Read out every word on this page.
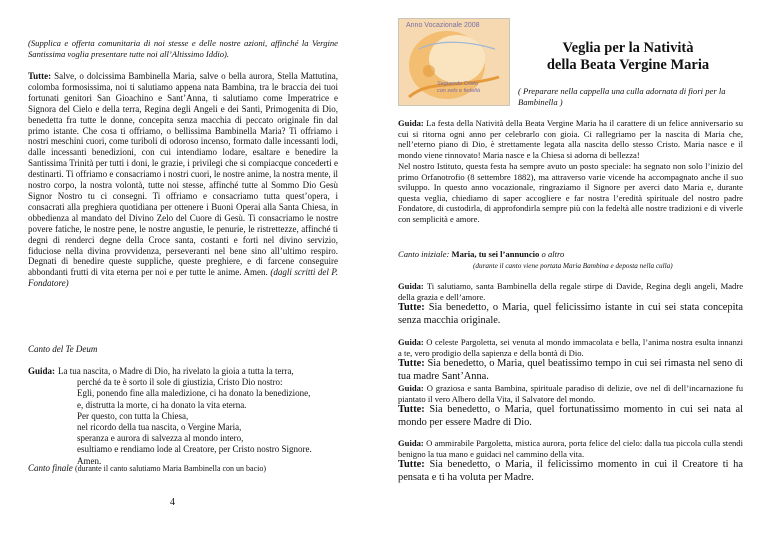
(Supplica e offerta comunitaria di noi stesse e delle nostre azioni, affinché la Vergine Santissima voglia presentare tutte noi all’Altissimo Iddio).

Tutte: Salve, o dolcissima Bambinella Maria, salve o bella aurora, Stella Mattutina, colomba formosissima, noi ti salutiamo appena nata Bambina, tra le braccia dei tuoi fortunati genitori San Gioachino e Sant’Anna, ti salutiamo come Imperatrice e Signora del Cielo e della terra, Regina degli Angeli e dei Santi, Primogenita di Dio, benedetta fra tutte le donne, concepita senza macchia di peccato originale fin dal primo istante. Che cosa ti offriamo, o bellissima Bambinella Maria? Ti offriamo i nostri meschini cuori, come turiboli di odoroso incenso, formato dalle incessanti lodi, dalle incessanti benedizioni, con cui intendiamo lodare, esaltare e benedire la Santissima Trinità per tutti i doni, le grazie, i privilegi che si compiacque concederti e destinarti. Ti offriamo e consacriamo i nostri cuori, le nostre anime, la nostra mente, il nostro corpo, la nostra volontà, tutte noi stesse, affinché tutte al Sommo Dio Gesù Signor Nostro tu ci consegni. Ti offriamo e consacriamo tutta quest’opera, i consacrati alla preghiera quotidiana per ottenere i Buoni Operai alla Santa Chiesa, in obbedienza al mandato del Divino Zelo del Cuore di Gesù. Ti consacriamo le nostre povere fatiche, le nostre pene, le nostre angustie, le penurie, le ristrettezze, affinché ti degni di renderci degne della Croce santa, costanti e forti nel divino servizio, fiduciose nella divina provvidenza, perseveranti nel bene sino all’ultimo respiro. Degnati di benedire queste suppliche, queste preghiere, e di farcene conseguire abbondanti frutti di vita eterna per noi e per tutte le anime. Amen. (dagli scritti del P. Fondatore)

Canto del Te Deum

Guida: La tua nascita, o Madre di Dio, ha rivelato la gioia a tutta la terra,
perché da te è sorto il sole di giustizia, Cristo Dio nostro:
Egli, ponendo fine alla maledizione, ci ha donato la benedizione,
e, distrutta la morte, ci ha donato la vita eterna.
Per questo, con tutta la Chiesa,
nel ricordo della tua nascita, o Vergine Maria,
speranza e aurora di salvezza al mondo intero,
esultiamo e rendiamo lode al Creatore, per Cristo nostro Signore.
Amen.

Canto finale (durante il canto salutiamo Maria Bambinella con un bacio)

4

Anno Vocazionale 2008
Seguendo Cristo
con zelo e fedeltà
Veglia per la Natività
della Beata Vergine Maria

( Preparare nella cappella una culla adornata di fiori per la Bambinella )

Guida: La festa della Natività della Beata Vergine Maria ha il carattere di un felice anniversario su cui si ritorna ogni anno per celebrarlo con gioia. Ci rallegriamo per la nascita di Maria che, nell’eterno piano di Dio, è strettamente legata alla nascita dello stesso Cristo. Maria nasce e il mondo viene rinnovato! Maria nasce e la Chiesa si adorna di bellezza!

Nel nostro Istituto, questa festa ha sempre avuto un posto speciale: ha segnato non solo l’inizio del primo Orfanotrofio (8 settembre 1882), ma attraverso varie vicende ha accompagnato anche il suo sviluppo. In questo anno vocazionale, ringraziamo il Signore per averci dato Maria e, durante questa veglia, chiediamo di saper accogliere e far nostra l’eredità spirituale del nostro padre Fondatore, di custodirla, di approfondirla sempre più con la fedeltà alle nostre tradizioni e di viverle con semplicità e amore.

Canto iniziale: Maria, tu sei l’annuncio o altro

(durante il canto viene portata Maria Bambina e deposta nella culla)

Guida: Ti salutiamo, santa Bambinella della regale stirpe di Davide, Regina degli angeli, Madre della grazia e dell’amore.

Tutte: Sia benedetto, o Maria, quel felicissimo istante in cui sei stata concepita senza macchia originale.

Guida: O celeste Pargoletta, sei venuta al mondo immacolata e bella, l’anima nostra esulta innanzi a te, vero prodigio della sapienza e della bontà di Dio.

Tutte: Sia benedetto, o Maria, quel beatissimo tempo in cui sei rimasta nel seno di tua madre Sant’Anna.

Guida: O graziosa e santa Bambina, spirituale paradiso di delizie, ove nel dì dell’incarnazione fu piantato il vero Albero della Vita, il Salvatore del mondo.

Tutte: Sia benedetto, o Maria, quel fortunatissimo momento in cui sei nata al mondo per essere Madre di Dio.

Guida: O ammirabile Pargoletta, mistica aurora, porta felice del cielo: dalla tua piccola culla stendi benigno la tua mano e guidaci nel cammino della vita.

Tutte: Sia benedetto, o Maria, il felicissimo momento in cui il Creatore ti ha pensata e ti ha voluta per Madre.
